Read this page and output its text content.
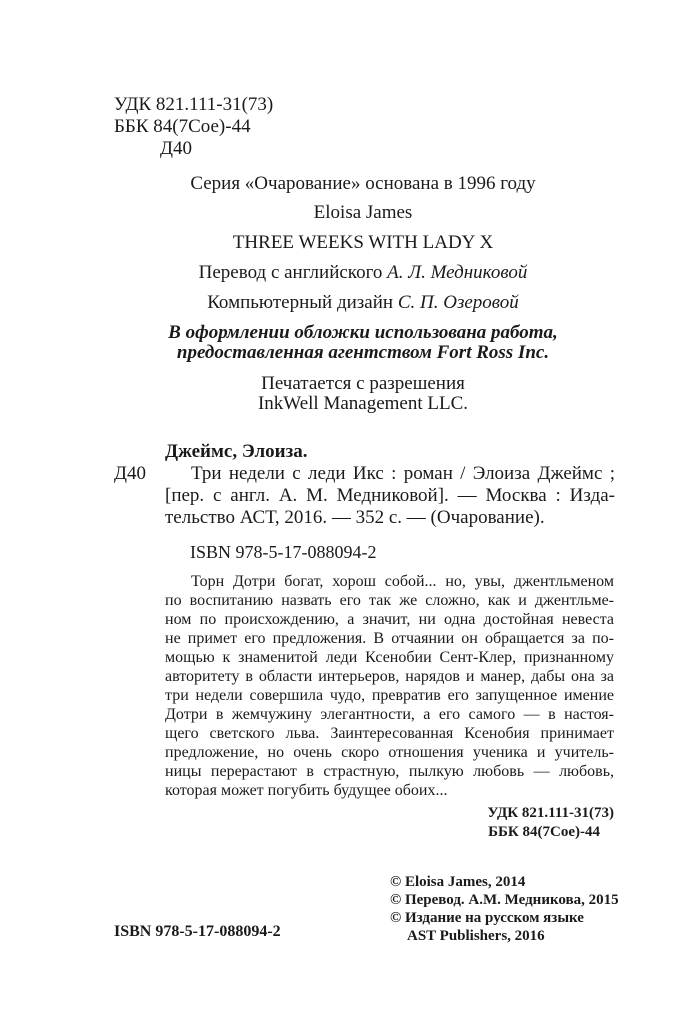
УДК 821.111-31(73)
ББК 84(7Сое)-44
Д40
Серия «Очарование» основана в 1996 году
Eloisa James
THREE WEEKS WITH LADY X
Перевод с английского А. Л. Медниковой
Компьютерный дизайн С. П. Озеровой
В оформлении обложки использована работа,
предоставленная агентством Fort Ross Inc.
Печатается с разрешения
InkWell Management LLC.
Джеймс, Элоиза.
Три недели с леди Икс : роман / Элоиза Джеймс ;
[пер. с англ. А. М. Медниковой]. — Москва : Изда-
тельство АСТ, 2016. — 352 с. — (Очарование).
Д40
ISBN 978-5-17-088094-2
Торн Дотри богат, хорош собой... но, увы, джентльменом
по воспитанию назвать его так же сложно, как и джентльме-
ном по происхождению, а значит, ни одна достойная невеста
не примет его предложения. В отчаянии он обращается за по-
мощью к знаменитой леди Ксенобии Сент-Клер, признанному
авторитету в области интерьеров, нарядов и манер, дабы она за
три недели совершила чудо, превратив его запущенное имение
Дотри в жемчужину элегантности, а его самого — в настоя-
щего светского льва. Заинтересованная Ксенобия принимает
предложение, но очень скоро отношения ученика и учитель-
ницы перерастают в страстную, пылкую любовь — любовь,
которая может погубить будущее обоих...
УДК 821.111-31(73)
ББК 84(7Сое)-44
© Eloisa James, 2014
© Перевод. А.М. Медникова, 2015
© Издание на русском языке
AST Publishers, 2016
ISBN 978-5-17-088094-2
